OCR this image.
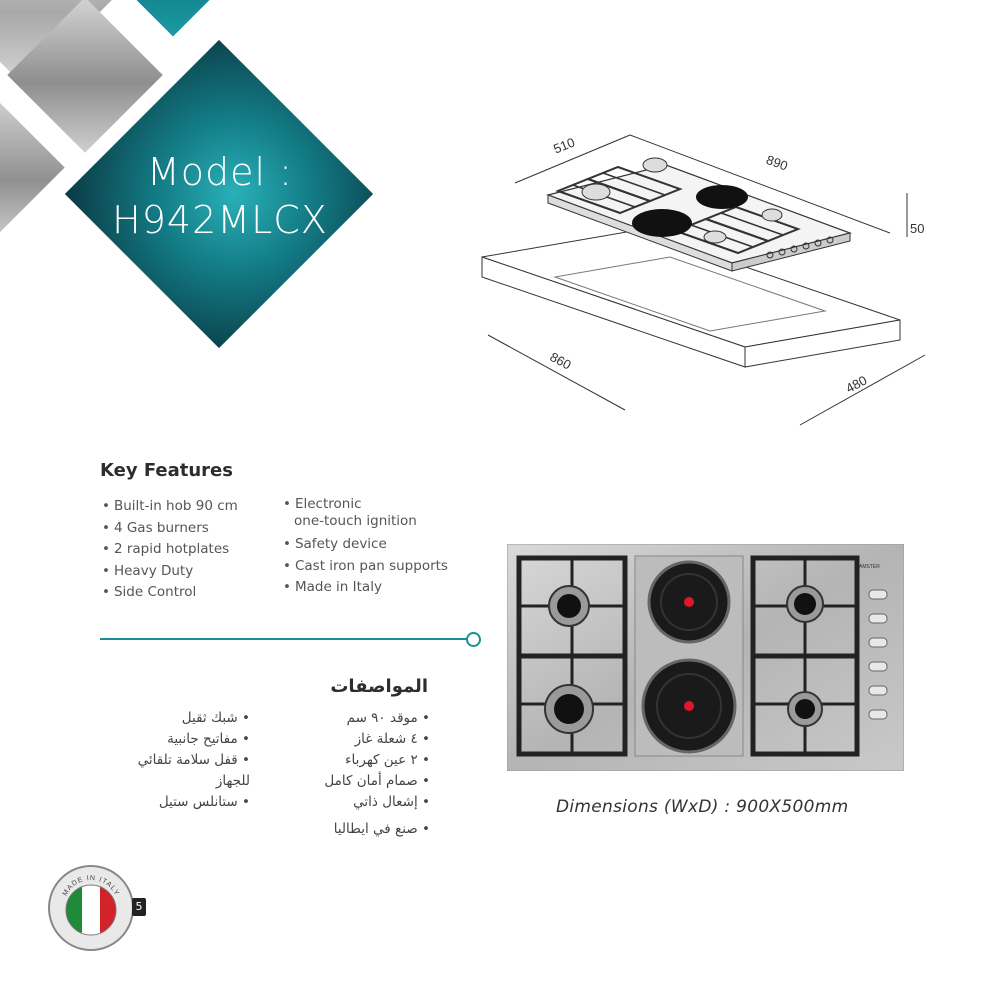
Model :
H942MLCX
510
890
50
860
480
Key Features
• Built-in hob 90 cm
• 4 Gas burners
• 2 rapid hotplates
• Heavy Duty
• Side Control
• Electronic
one-touch ignition
• Safety device
• Cast iron pan supports
• Made in Italy
المواصفات
• موقد ٩٠ سم
• ٤ شعلة غاز
• ٢ عين كهرباء
• صمام أمان كامل
• إشعال ذاتي
• صنع في ايطاليا
• شبك ثقيل
• مفاتيح جانبية
• قفل سلامة تلقائي
للجهاز
• ستانلس ستيل
AMSTER
Dimensions (WxD) : 900X500mm
MADE IN ITALY
5
